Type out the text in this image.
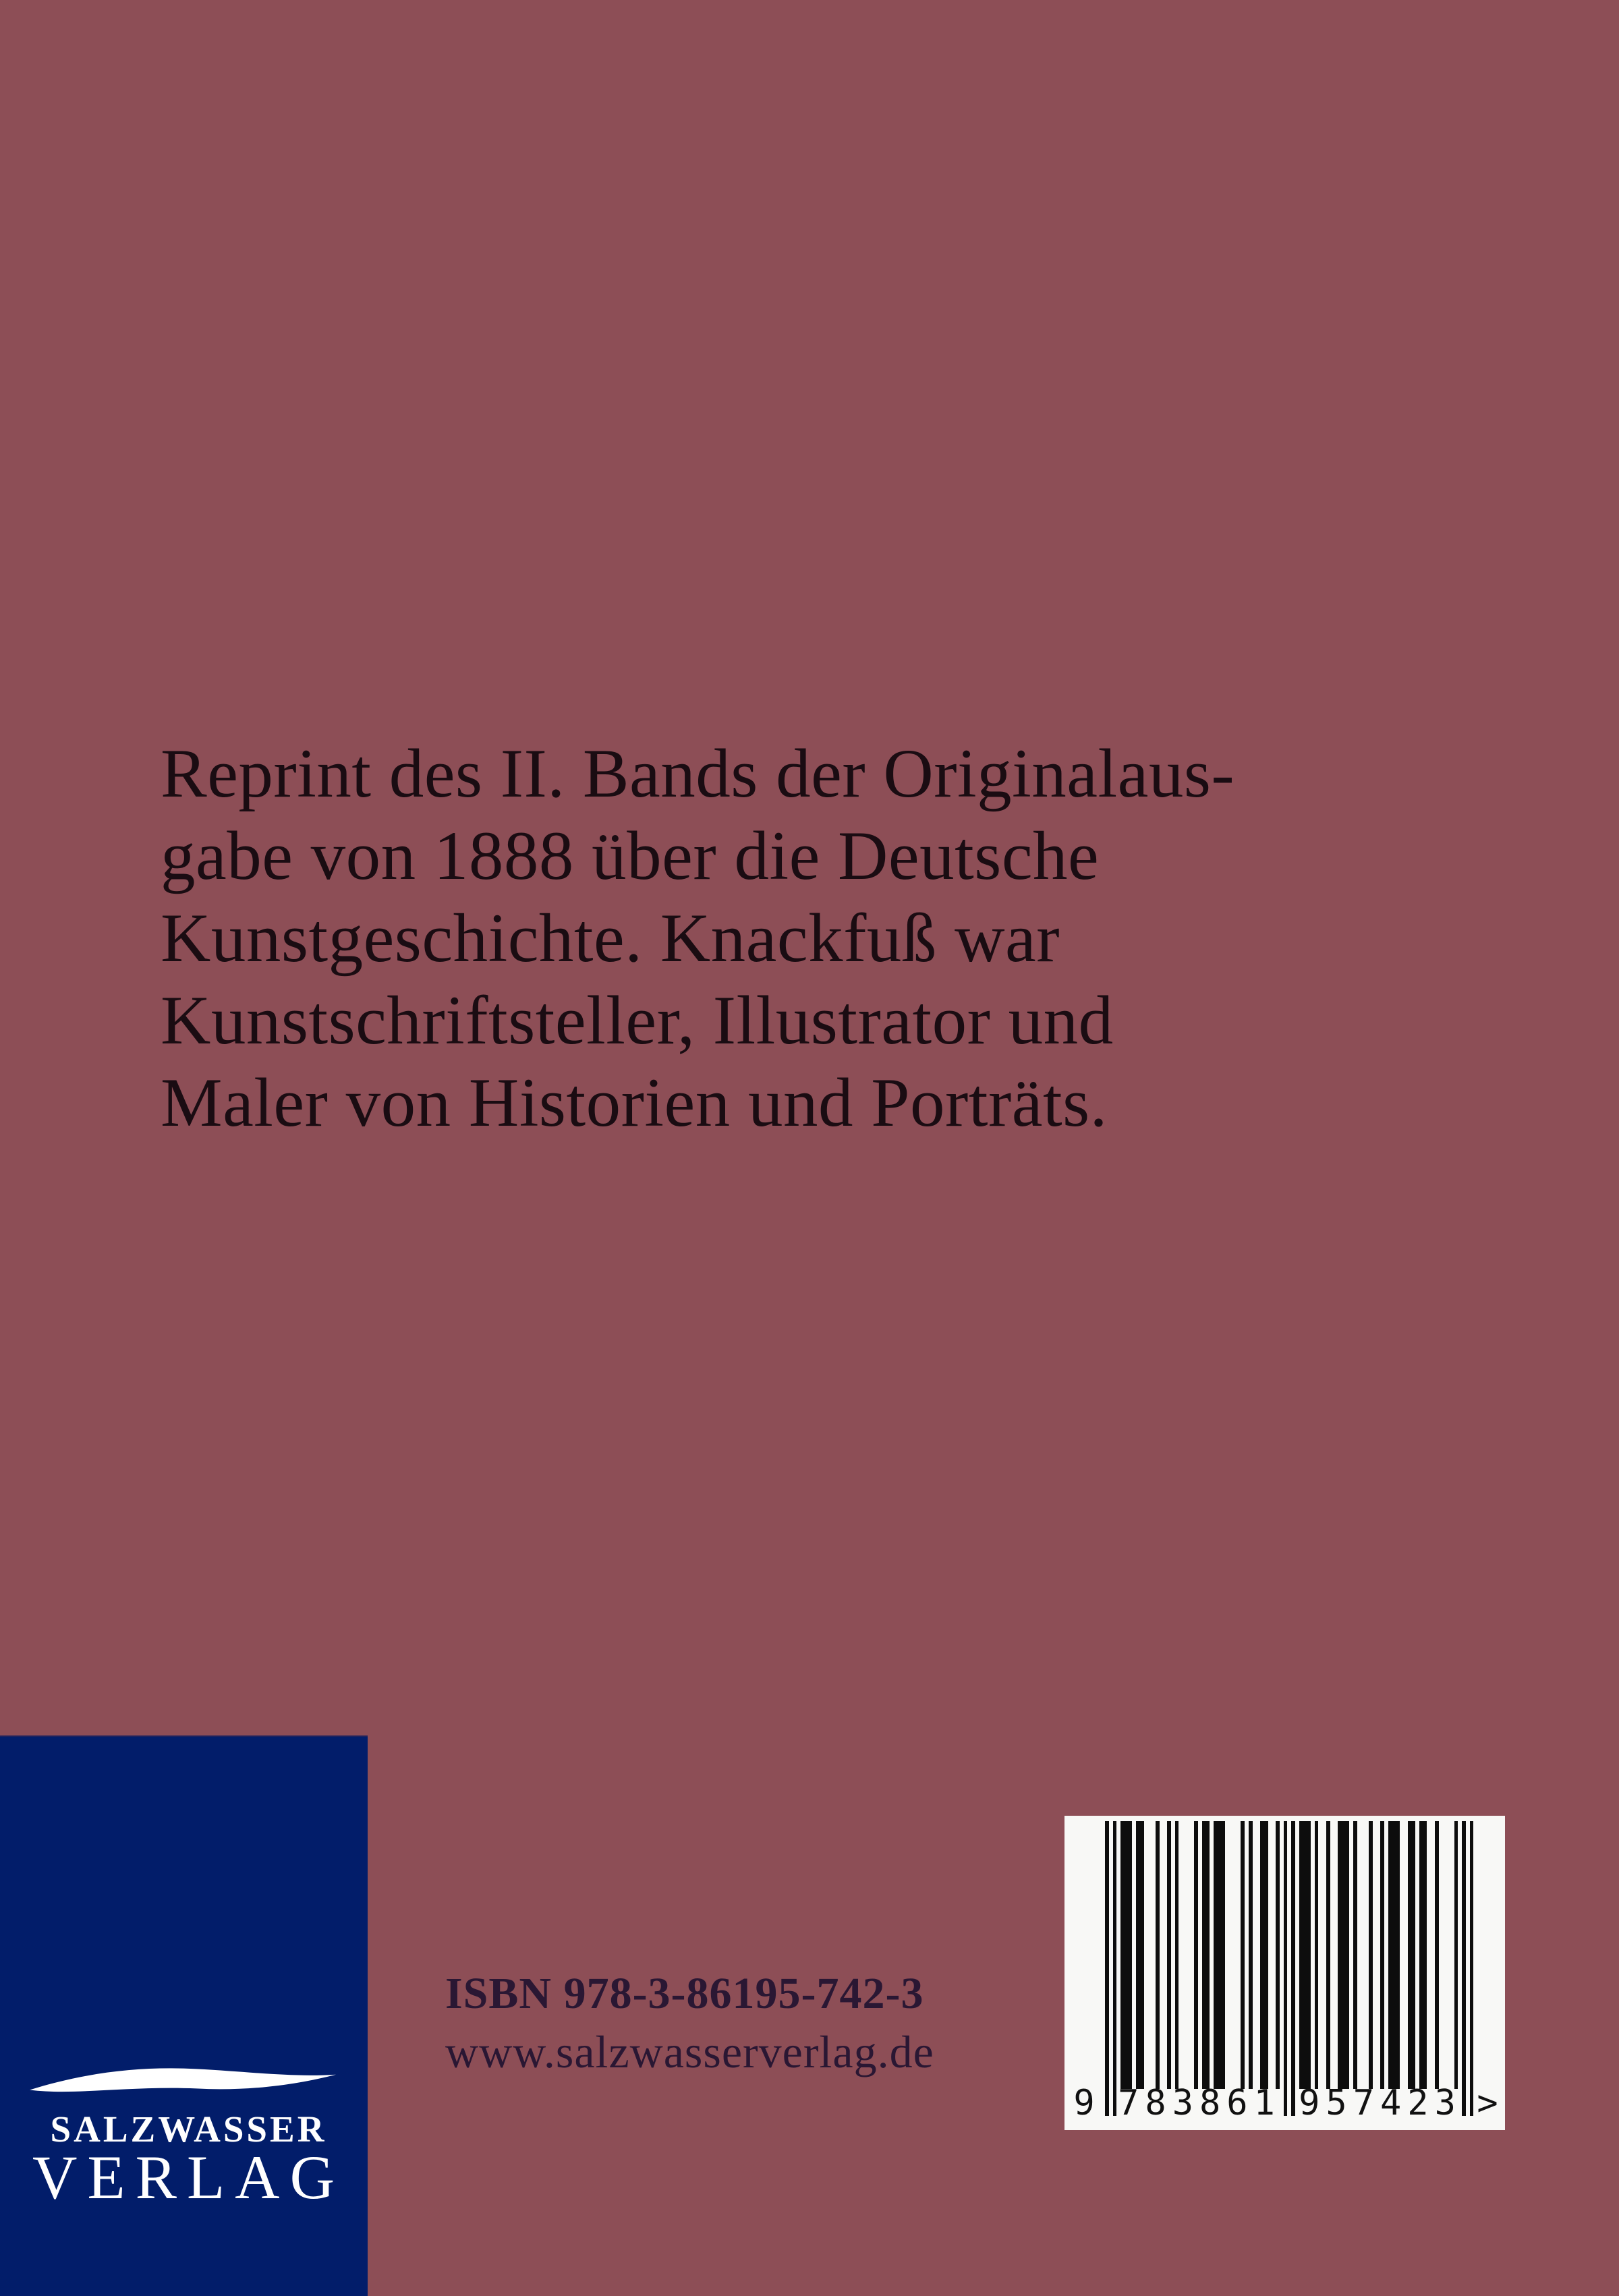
Reprint des II. Bands der Originalaus-
gabe von 1888 über die Deutsche
Kunstgeschichte. Knackfuß war
Kunstschriftsteller, Illustrator und
Maler von Historien und Porträts.
SALZWASSER
VERLAG
ISBN 978-3-86195-742-3
www.salzwasserverlag.de
9 783861 957423 >
